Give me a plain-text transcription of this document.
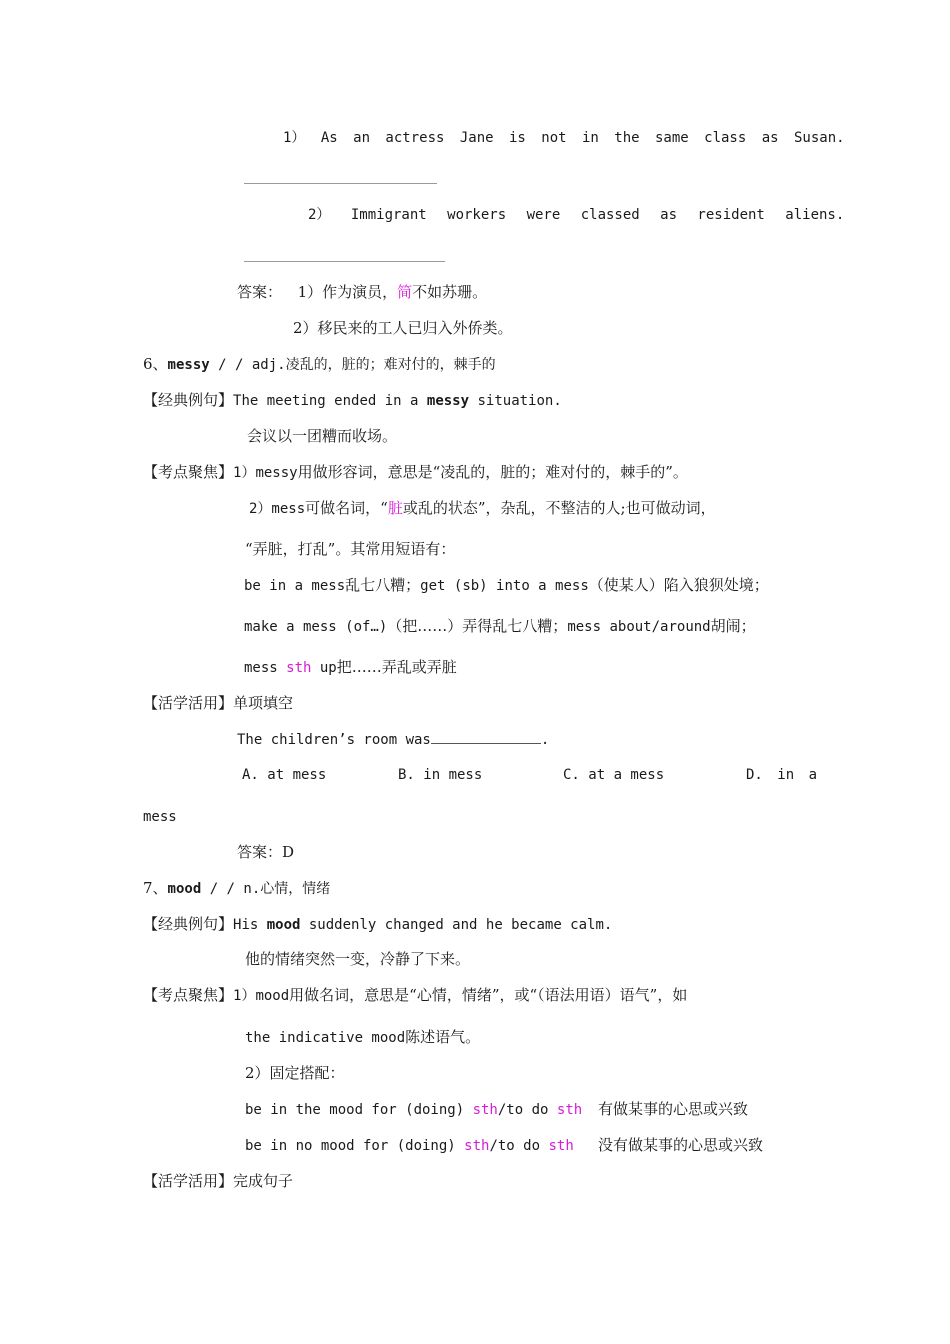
1） As an actress Jane is not in the same class as Susan.
2） Immigrant workers were classed as resident aliens.
答案： 1）作为演员，简不如苏珊。
2）移民来的工人已归入外侨类。
6、messy / / adj.凌乱的，脏的；难对付的，棘手的
【经典例句】The meeting ended in a messy situation.
会议以一团糟而收场。
【考点聚焦】1）messy用做形容词，意思是“凌乱的，脏的；难对付的，棘手的”。
2）mess可做名词，“脏或乱的状态”，杂乱，不整洁的人;也可做动词，
“弄脏，打乱”。其常用短语有：
be in a mess乱七八糟；get (sb) into a mess（使某人）陷入狼狈处境；
make a mess (of…)（把……）弄得乱七八糟；mess about/around胡闹；
mess sth up把……弄乱或弄脏
【活学活用】单项填空
The children’s room was	.
A. at mess	B. in mess	C. at a mess	D. in a
mess
答案：D
7、mood / / n.心情，情绪
【经典例句】His mood suddenly changed and he became calm.
他的情绪突然一变，冷静了下来。
【考点聚焦】1）mood用做名词，意思是“心情，情绪”，或“（语法用语）语气”，如
the indicative mood陈述语气。
2）固定搭配：
be in the mood for (doing) sth/to do sth 有做某事的心思或兴致
be in no mood for (doing) sth/to do sth 没有做某事的心思或兴致
【活学活用】完成句子
